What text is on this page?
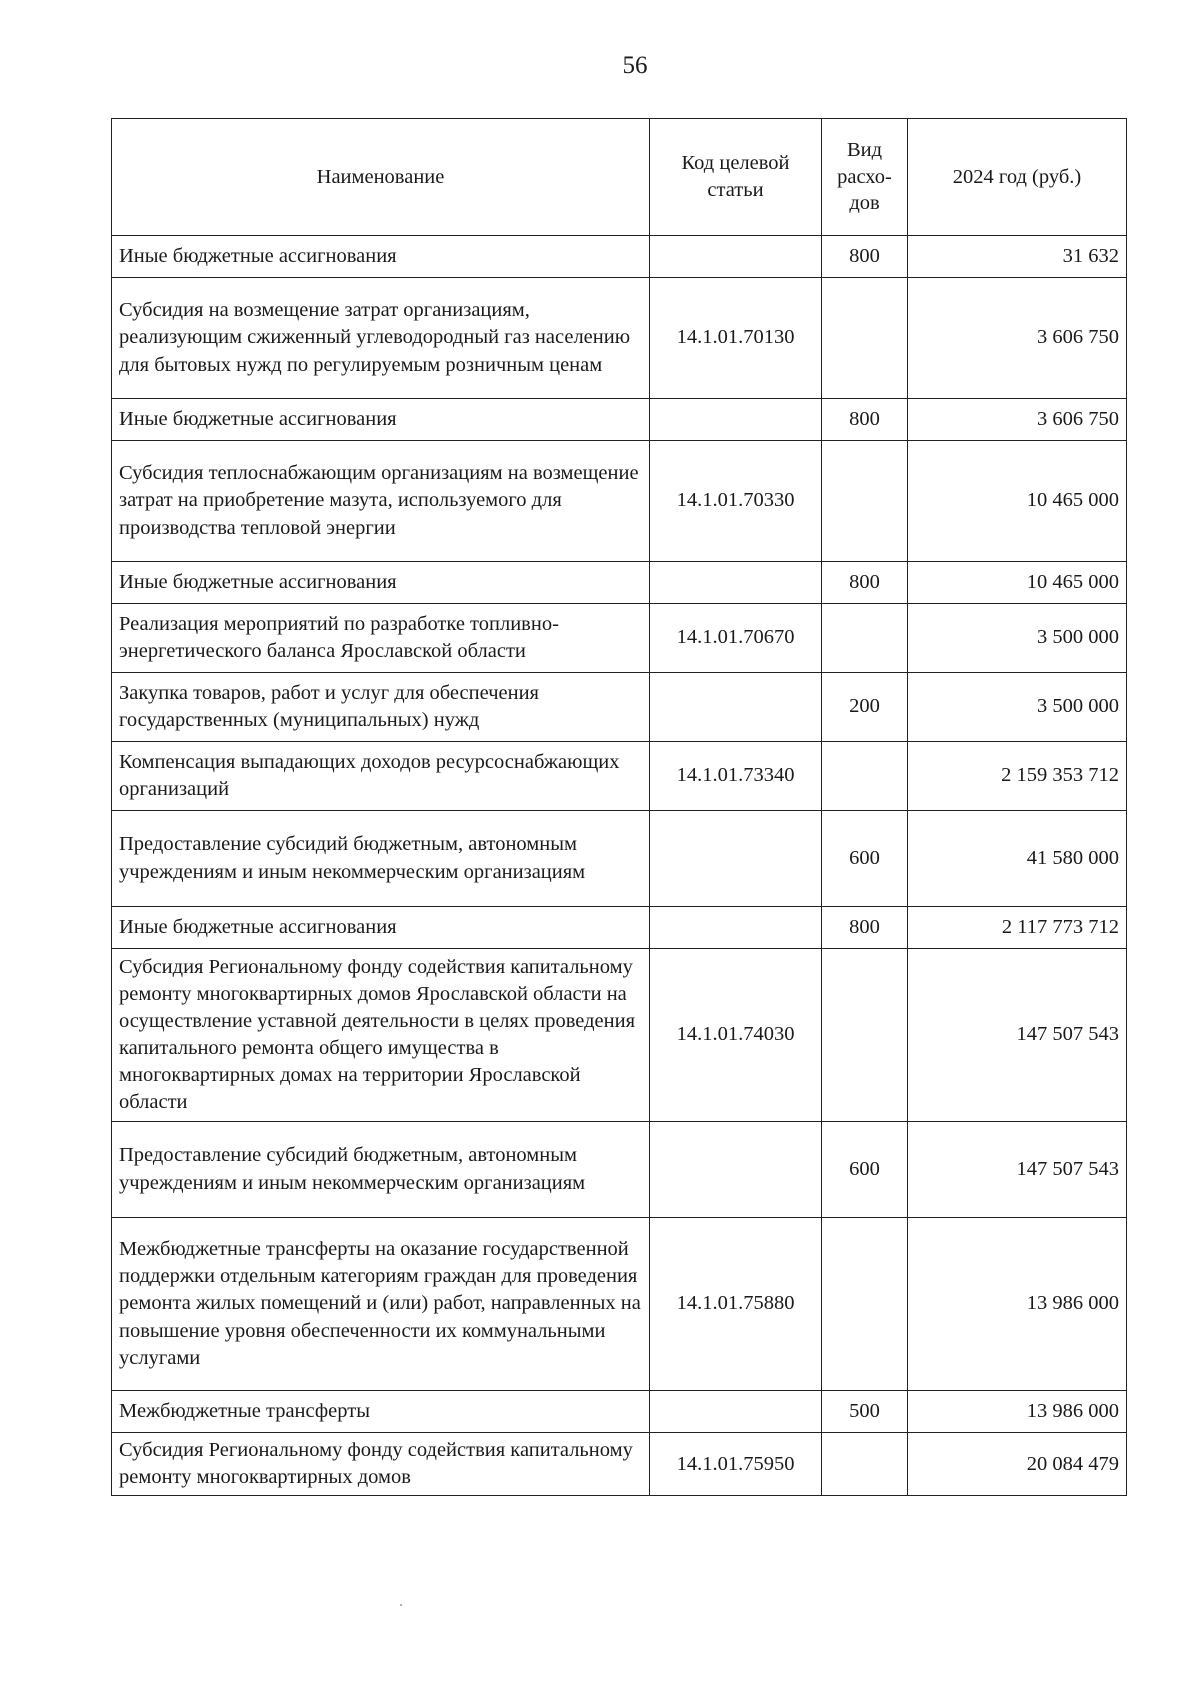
56
Наименование	Код целевой статьи	Вид расхо-дов	2024 год (руб.)
Иные бюджетные ассигнования		800	31 632
Субсидия на возмещение затрат организациям, реализующим сжиженный углеводородный газ населению для бытовых нужд по регулируемым розничным ценам	14.1.01.70130		3 606 750
Иные бюджетные ассигнования		800	3 606 750
Субсидия теплоснабжающим организациям на возмещение затрат на приобретение мазута, используемого для производства тепловой энергии	14.1.01.70330		10 465 000
Иные бюджетные ассигнования		800	10 465 000
Реализация мероприятий по разработке топливно-энергетического баланса Ярославской области	14.1.01.70670		3 500 000
Закупка товаров, работ и услуг для обеспечения государственных (муниципальных) нужд		200	3 500 000
Компенсация выпадающих доходов ресурсоснабжающих организаций	14.1.01.73340		2 159 353 712
Предоставление субсидий бюджетным, автономным учреждениям и иным некоммерческим организациям		600	41 580 000
Иные бюджетные ассигнования		800	2 117 773 712
Субсидия Региональному фонду содействия капитальному ремонту многоквартирных домов Ярославской области на осуществление уставной деятельности в целях проведения капитального ремонта общего имущества в многоквартирных домах на территории Ярославской области	14.1.01.74030		147 507 543
Предоставление субсидий бюджетным, автономным учреждениям и иным некоммерческим организациям		600	147 507 543
Межбюджетные трансферты на оказание государственной поддержки отдельным категориям граждан для проведения ремонта жилых помещений и (или) работ, направленных на повышение уровня обеспеченности их коммунальными услугами	14.1.01.75880		13 986 000
Межбюджетные трансферты		500	13 986 000
Субсидия Региональному фонду содействия капитальному ремонту многоквартирных домов	14.1.01.75950		20 084 479
